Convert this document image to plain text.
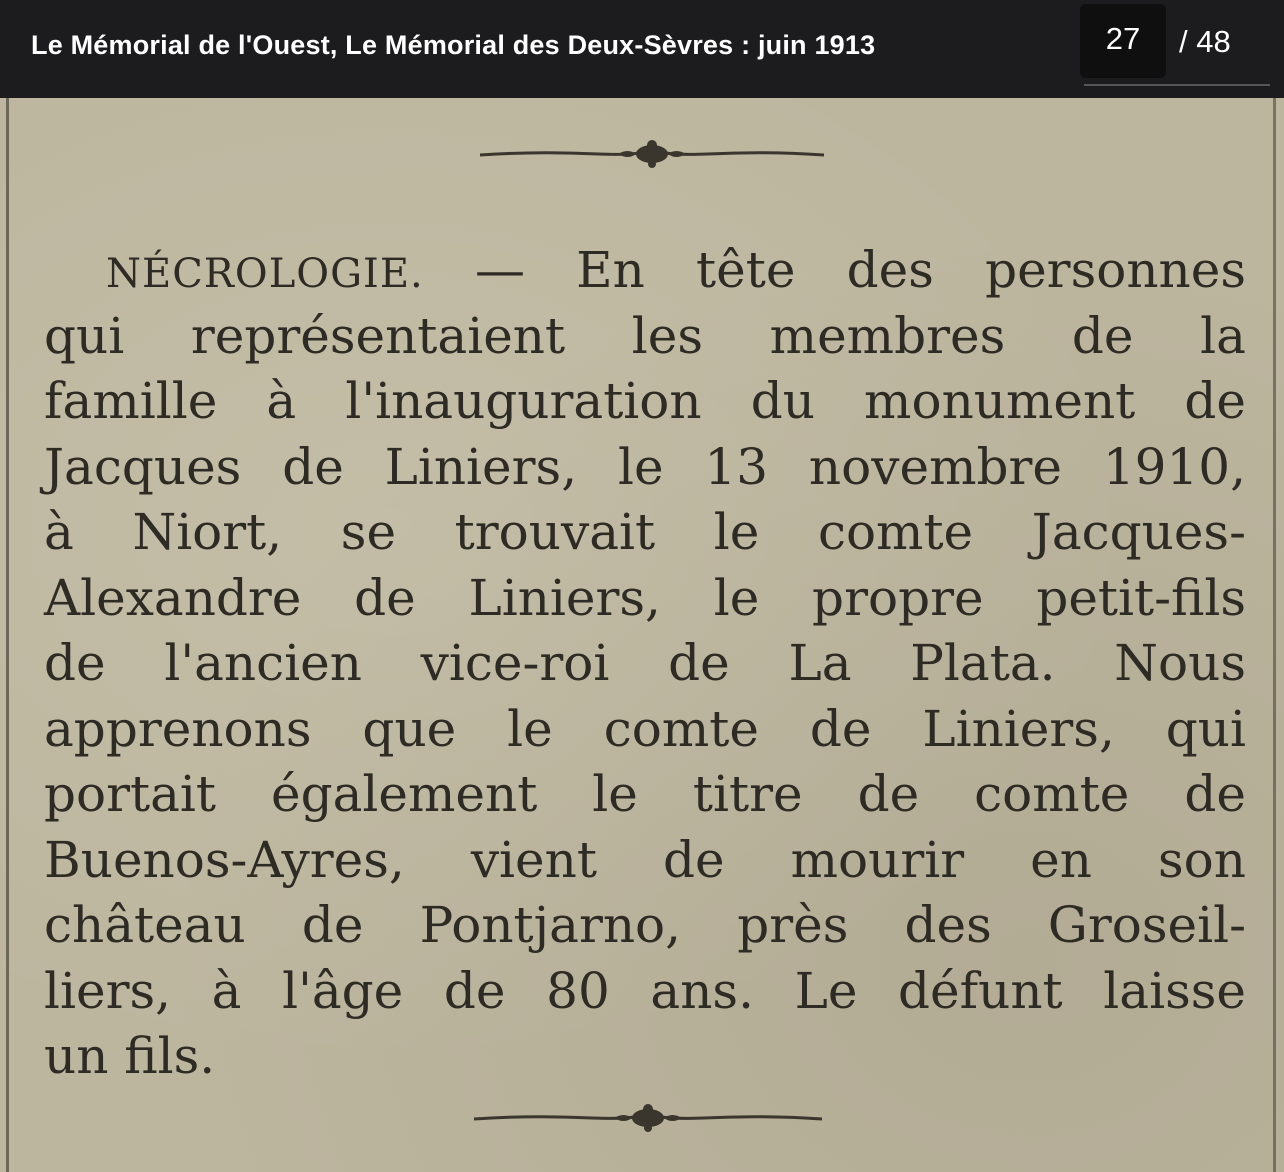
Le Mémorial de l'Ouest, Le Mémorial des Deux-Sèvres : juin 1913	27	/ 48
NÉCROLOGIE. — En tête des personnes
qui représentaient les membres de la
famille à l'inauguration du monument de
Jacques de Liniers, le 13 novembre 1910,
à Niort, se trouvait le comte Jacques-
Alexandre de Liniers, le propre petit-fils
de l'ancien vice-roi de La Plata. Nous
apprenons que le comte de Liniers, qui
portait également le titre de comte de
Buenos-Ayres, vient de mourir en son
château de Pontjarno, près des Groseil-
liers, à l'âge de 80 ans. Le défunt laisse
un fils.
